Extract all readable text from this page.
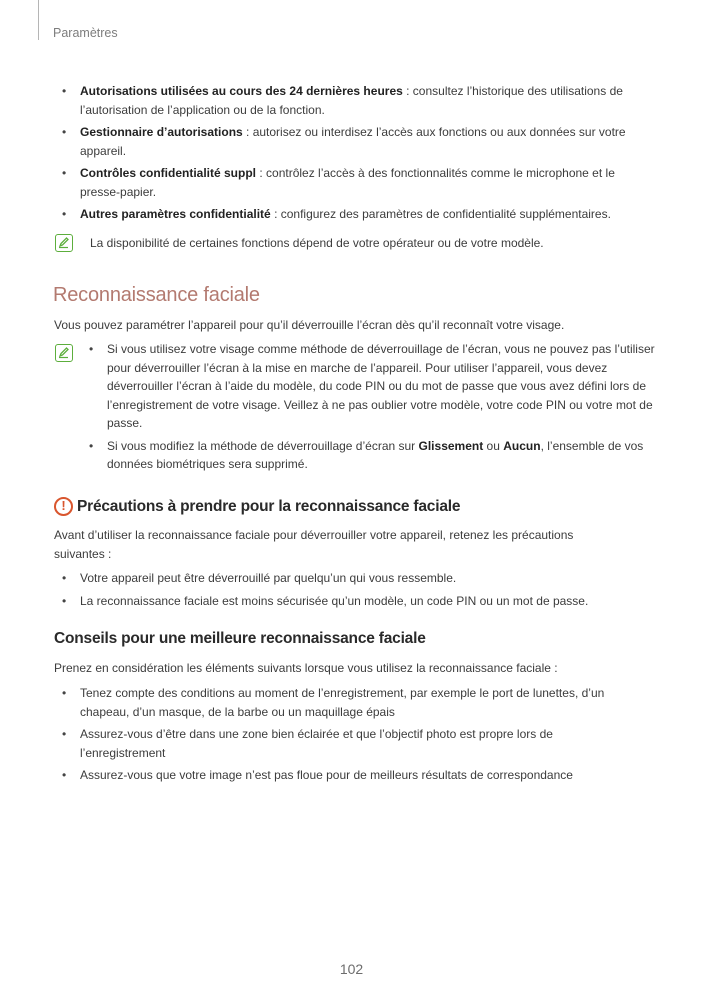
Paramètres
• Autorisations utilisées au cours des 24 dernières heures : consultez l’historique des utilisations de l’autorisation de l’application ou de la fonction.
• Gestionnaire d’autorisations : autorisez ou interdisez l’accès aux fonctions ou aux données sur votre appareil.
• Contrôles confidentialité suppl : contrôlez l’accès à des fonctionnalités comme le microphone et le presse-papier.
• Autres paramètres confidentialité : configurez des paramètres de confidentialité supplémentaires.
La disponibilité de certaines fonctions dépend de votre opérateur ou de votre modèle.
Reconnaissance faciale
Vous pouvez paramétrer l’appareil pour qu’il déverrouille l’écran dès qu’il reconnaît votre visage.
• Si vous utilisez votre visage comme méthode de déverrouillage de l’écran, vous ne pouvez pas l’utiliser pour déverrouiller l’écran à la mise en marche de l’appareil. Pour utiliser l’appareil, vous devez déverrouiller l’écran à l’aide du modèle, du code PIN ou du mot de passe que vous avez défini lors de l’enregistrement de votre visage. Veillez à ne pas oublier votre modèle, votre code PIN ou votre mot de passe.
• Si vous modifiez la méthode de déverrouillage d’écran sur Glissement ou Aucun, l’ensemble de vos données biométriques sera supprimé.
! Précautions à prendre pour la reconnaissance faciale
Avant d’utiliser la reconnaissance faciale pour déverrouiller votre appareil, retenez les précautions suivantes :
• Votre appareil peut être déverrouillé par quelqu’un qui vous ressemble.
• La reconnaissance faciale est moins sécurisée qu’un modèle, un code PIN ou un mot de passe.
Conseils pour une meilleure reconnaissance faciale
Prenez en considération les éléments suivants lorsque vous utilisez la reconnaissance faciale :
• Tenez compte des conditions au moment de l’enregistrement, par exemple le port de lunettes, d’un chapeau, d’un masque, de la barbe ou un maquillage épais
• Assurez-vous d’être dans une zone bien éclairée et que l’objectif photo est propre lors de l’enregistrement
• Assurez-vous que votre image n’est pas floue pour de meilleurs résultats de correspondance
102
